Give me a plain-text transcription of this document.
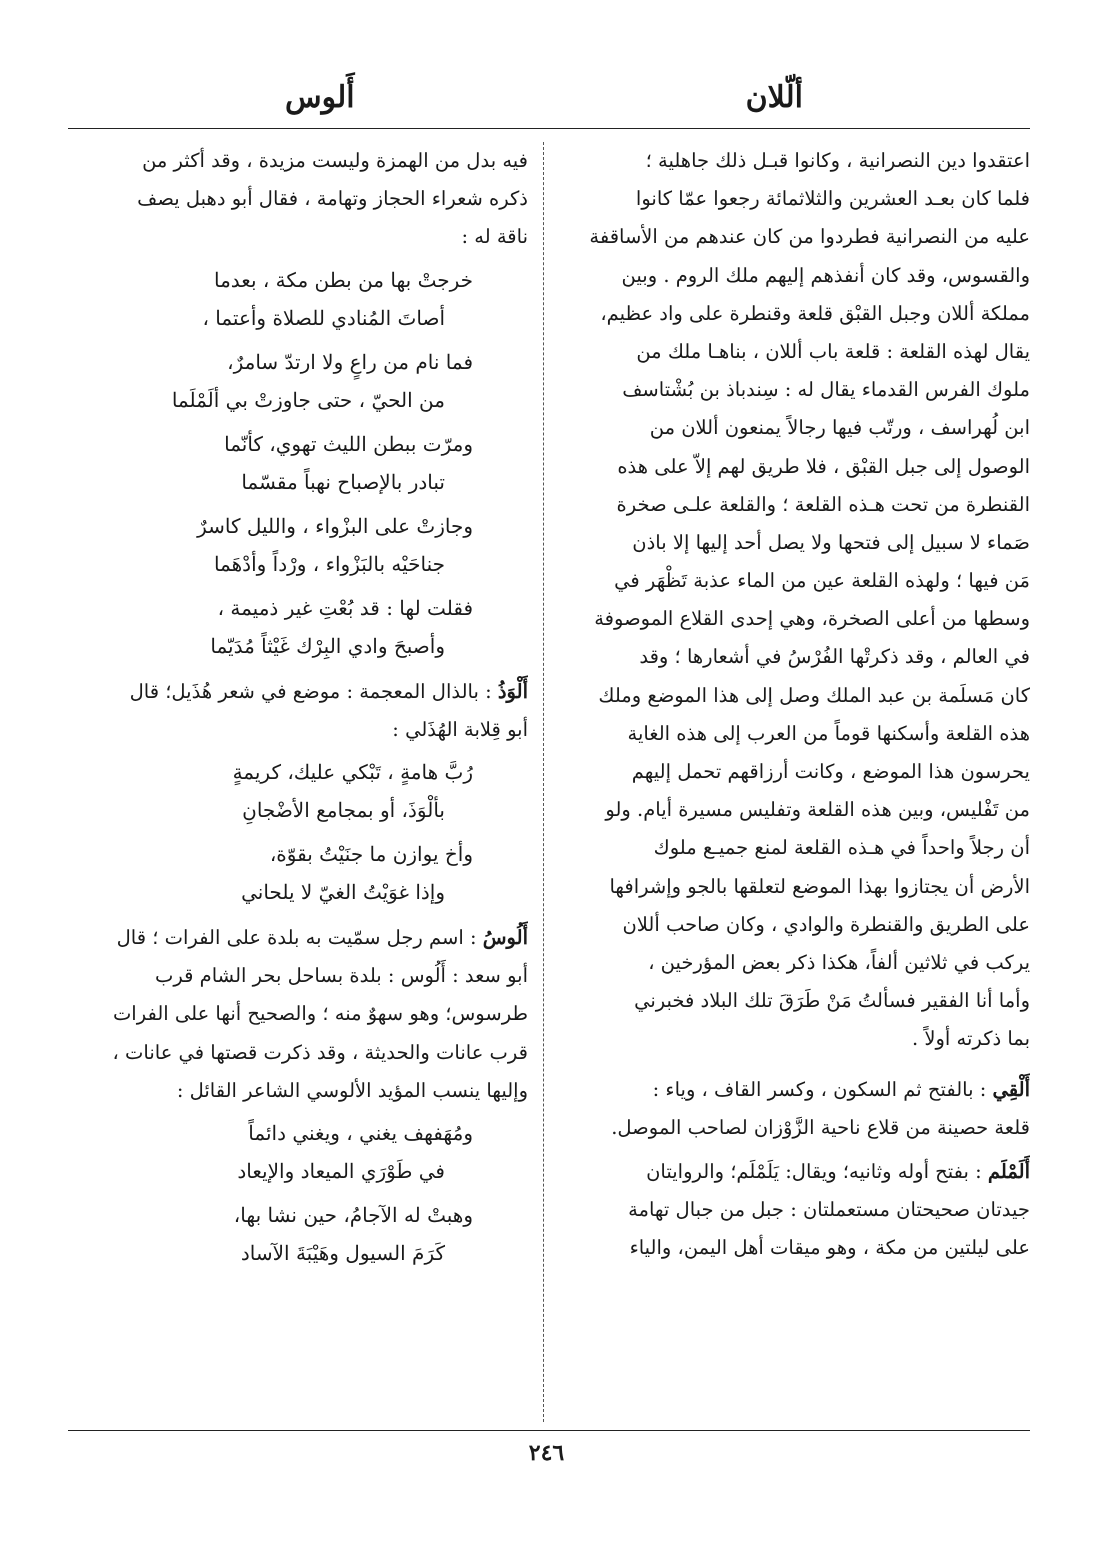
ألّلان
أَلوس
اعتقدوا دين النصرانية ، وكانوا قبـل ذلك جاهلية ؛
فلما كان بعـد العشرين والثلاثمائة رجعوا عمّا كانوا
عليه من النصرانية فطردوا من كان عندهم من الأساقفة
والقسوس، وقد كان أنفذهم إليهم ملك الروم . وبين
مملكة أللان وجبل القبْق قلعة وقنطرة على واد عظيم،
يقال لهذه القلعة : قلعة باب أللان ، بناهـا ملك من
ملوك الفرس القدماء يقال له : سِندباذ بن بُشْتاسف
ابن لُهراسف ، ورتّب فيها رجالاً يمنعون أللان من
الوصول إلى جبل القبْق ، فلا طريق لهم إلاّ على هذه
القنطرة من تحت هـذه القلعة ؛ والقلعة علـى صخرة
صَماء لا سبيل إلى فتحها ولا يصل أحد إليها إلا باذن
مَن فيها ؛ ولهذه القلعة عين من الماء عذبة تَظْهَر في
وسطها من أعلى الصخرة، وهي إحدى القلاع الموصوفة
في العالم ، وقد ذكرتْها الفُرْسُ في أشعارها ؛ وقد
كان مَسلَمة بن عبد الملك وصل إلى هذا الموضع وملك
هذه القلعة وأسكنها قوماً من العرب إلى هذه الغاية
يحرسون هذا الموضع ، وكانت أرزاقهم تحمل إليهم
من تَفْليس، وبين هذه القلعة وتفليس مسيرة أيام. ولو
أن رجلاً واحداً في هـذه القلعة لمنع جميـع ملوك
الأرض أن يجتازوا بهذا الموضع لتعلقها بالجو وإشرافها
على الطريق والقنطرة والوادي ، وكان صاحب أللان
يركب في ثلاثين ألفاً، هكذا ذكر بعض المؤرخين ،
وأما أنا الفقير فسألتُ مَنْ طَرَقَ تلك البلاد فخبرني
بما ذكرته أولاً .
أَلْقِي : بالفتح ثم السكون ، وكسر القاف ، وياء :
قلعة حصينة من قلاع ناحية الزَّوْزان لصاحب الموصل.
أَلَمْلَم : بفتح أوله وثانيه؛ ويقال: يَلَمْلَم؛ والروايتان
جيدتان صحيحتان مستعملتان : جبل من جبال تهامة
على ليلتين من مكة ، وهو ميقات أهل اليمن، والياء
فيه بدل من الهمزة وليست مزيدة ، وقد أكثر من
ذكره شعراء الحجاز وتهامة ، فقال أبو دهبل يصف
ناقة له :
خرجتْ بها من بطن مكة ، بعدما
أصاتَ المُنادي للصلاة وأعتما ،
فما نام من راعٍ ولا ارتدّ سامرٌ،
من الحيّ ، حتى جاوزتْ بي ألَمْلَما
ومرّت ببطن الليث تهوي، كأنّما
تبادر بالإصباح نهباً مقسّما
وجازتْ على البزْواء ، والليل كاسرٌ
جناحَيْه بالبَزْواء ، ورْداً وأدْهَما
فقلت لها : قد بُعْتِ غير ذميمة ،
وأصبحَ وادي البِرْك غَيْثاً مُدَيّما
أَلْوَذُ : بالذال المعجمة : موضع في شعر هُذَيل؛ قال
أبو قِلابة الهُذَلي :
رُبَّ هامةٍ ، تَبْكي عليك، كريمةٍ
بألْوَذَ، أو بمجامع الأضْجانِ
وأخ يوازن ما جنَيْتُ بقوّة،
وإذا غوَيْتُ الغيّ لا يلحاني
أَلُوسُ : اسم رجل سمّيت به بلدة على الفرات ؛ قال
أبو سعد : أَلُوس : بلدة بساحل بحر الشام قرب
طرسوس؛ وهو سهوٌ منه ؛ والصحيح أنها على الفرات
قرب عانات والحديثة ، وقد ذكرت قصتها في عانات ،
وإليها ينسب المؤيد الألوسي الشاعر القائل :
ومُهَفهف يغني ، ويغني دائماً
في طَوْرَي الميعاد والإيعاد
وهبتْ له الآجامُ، حين نشا بها،
كَرَمَ السيول وهَيْبَةَ الآساد
٢٤٦
